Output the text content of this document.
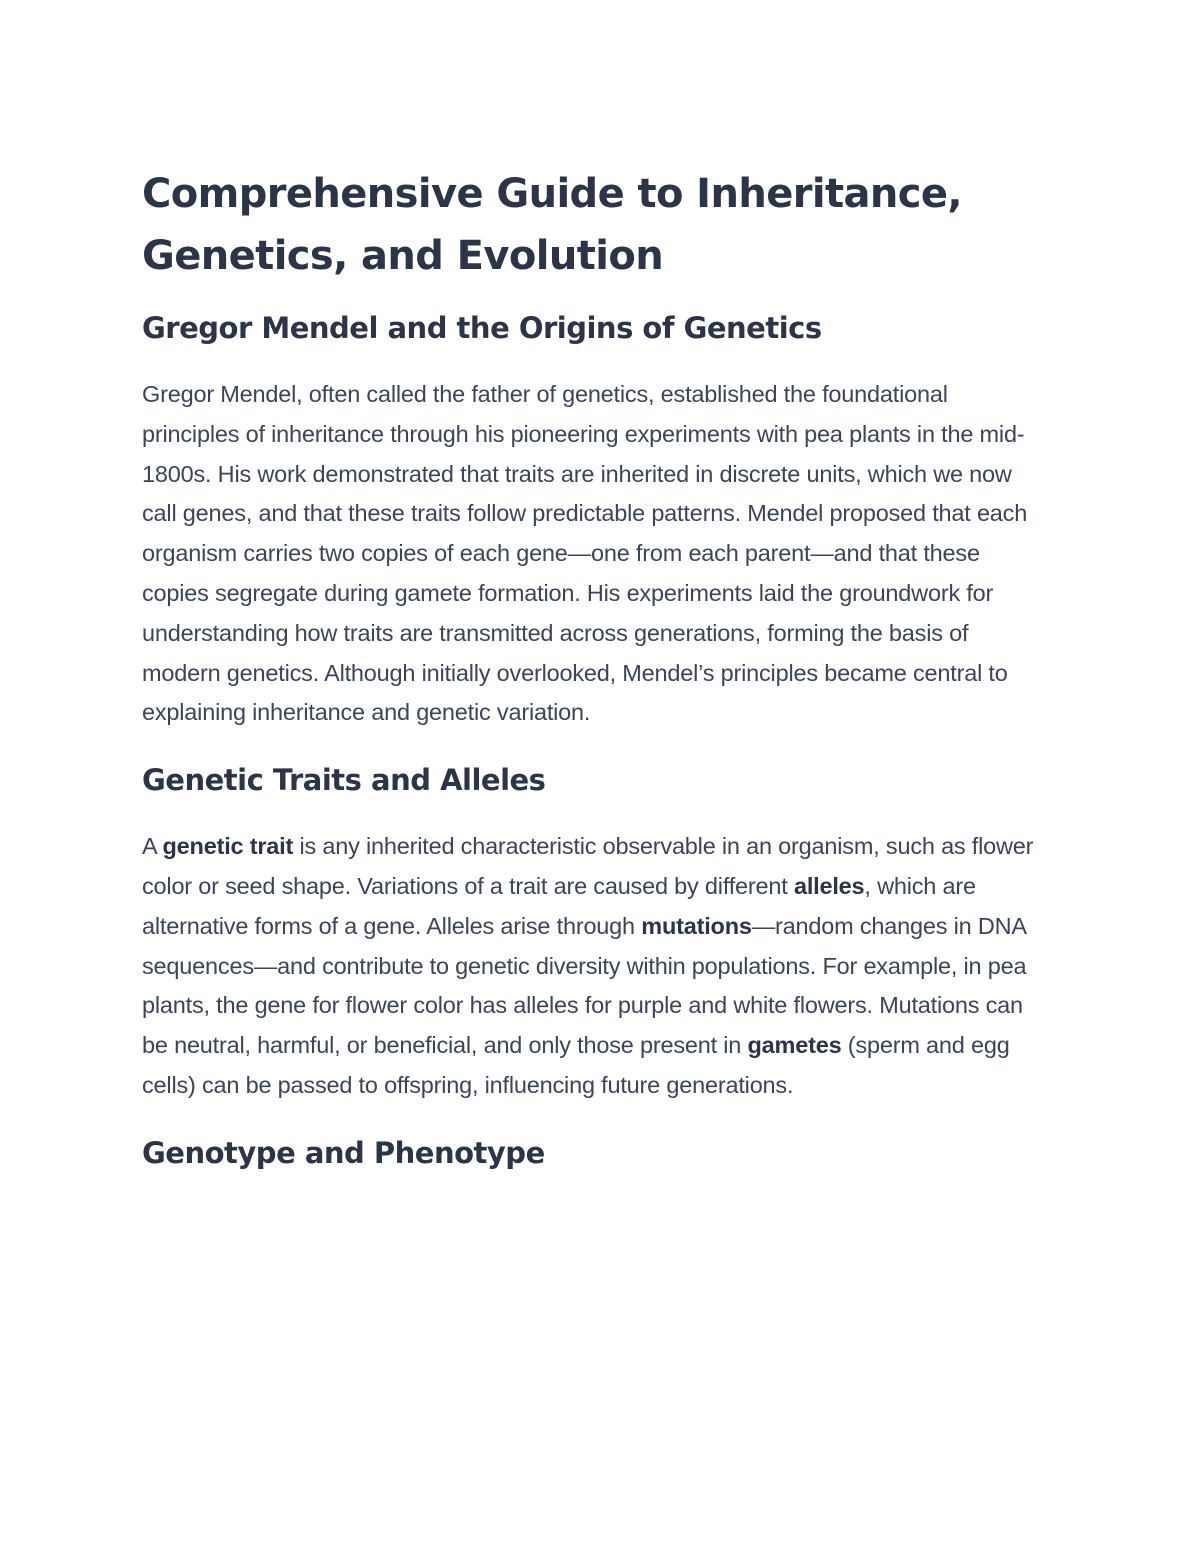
Comprehensive Guide to Inheritance, Genetics, and Evolution
Gregor Mendel and the Origins of Genetics

Gregor Mendel, often called the father of genetics, established the foundational principles of inheritance through his pioneering experiments with pea plants in the mid-1800s. His work demonstrated that traits are inherited in discrete units, which we now call genes, and that these traits follow predictable patterns. Mendel proposed that each organism carries two copies of each gene—one from each parent—and that these copies segregate during gamete formation. His experiments laid the groundwork for understanding how traits are transmitted across generations, forming the basis of modern genetics. Although initially overlooked, Mendel’s principles became central to explaining inheritance and genetic variation.

Genetic Traits and Alleles

A genetic trait is any inherited characteristic observable in an organism, such as flower color or seed shape. Variations of a trait are caused by different alleles, which are alternative forms of a gene. Alleles arise through mutations—random changes in DNA sequences—and contribute to genetic diversity within populations. For example, in pea plants, the gene for flower color has alleles for purple and white flowers. Mutations can be neutral, harmful, or beneficial, and only those present in gametes (sperm and egg cells) can be passed to offspring, influencing future generations.

Genotype and Phenotype
